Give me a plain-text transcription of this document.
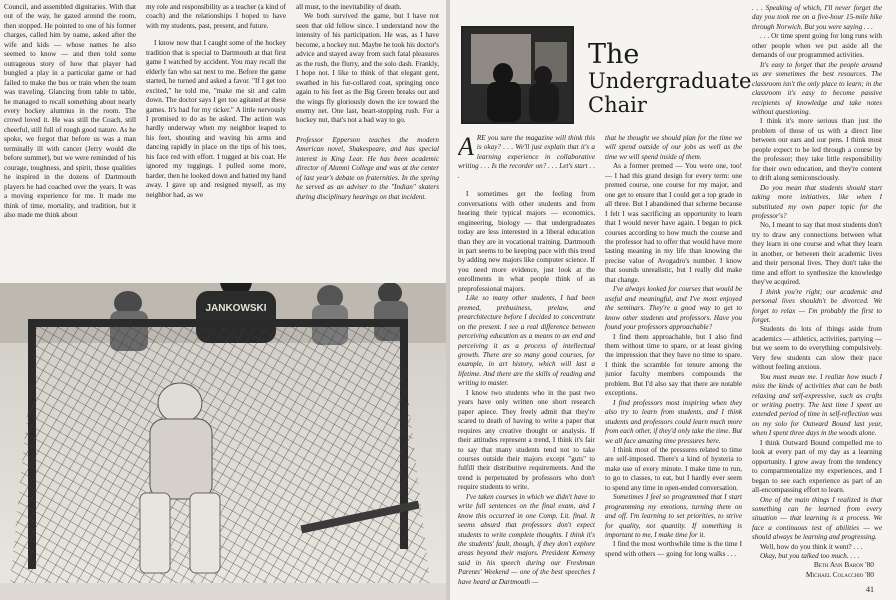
Council, and assembled dignitaries. With that out of the way, he gazed around the room, then stopped. He pointed to one of his former charges, called him by name, asked after the wife and kids — whose names he also seemed to know — and then told some outrageous story of how that player had bungled a play in a particular game or had failed to make the bus or train when the team was traveling. Glancing from table to table, he managed to recall something about nearly every hockey alumnus in the room. The crowd loved it. He was still the Coach, still cheerful, still full of rough good nature. As he spoke, we forgot that before us was a man terminally ill with cancer (Jerry would die before summer), but we were reminded of his courage, toughness, and spirit, those qualities he inspired in the dozens of Dartmouth players he had coached over the years. It was a moving experience for me. It made me think of time, mortality, and tradition, but it also made me think about

my role and responsibility as a teacher (a kind of coach) and the relationships I hoped to have with my students, past, present, and future.

I know now that I caught some of the hockey tradition that is special to Dartmouth at that first game I watched by accident. You may recall the elderly fan who sat next to me. Before the game started, he turned and asked a favor. "If I get too excited," he told me, "make me sit and calm down. The doctor says I get too agitated at these games. It's bad for my ticker." A little nervously I promised to do as he asked. The action was hardly underway when my neighbor leaped to his feet, shouting and waving his arms and dancing rapidly in place on the tips of his toes, his face red with effort. I tugged at his coat. He ignored my tuggings. I pulled some more, harder, then he looked down and batted my hand away. I gave up and resigned myself, as my neighbor had, as we

all must, to the inevitability of death.

We both survived the game, but I have not seen that old fellow since. I understand now the intensity of his participation. He was, as I have become, a hockey nut. Maybe he took his doctor's advice and stayed away from such fatal pleasures as the rush, the flurry, and the solo dash. Frankly, I hope not. I like to think of that elegant gent, swathed in his fur-collared coat, springing once again to his feet as the Big Green breaks out and the wings fly gloriously down the ice toward the enemy net. One last, heart-stopping rush. For a hockey nut, that's not a bad way to go.

Professor Epperson teaches the modern American novel, Shakespeare, and has special interest in King Lear. He has been academic director of Alumni College and was at the center of last year's debate on fraternities. In the spring he served as an adviser to the "Indian" skaters during disciplinary hearings on that incident.

JANKOWSKI
The
Undergraduate
Chair

ARE you sure the magazine will think this is okay? . . . We'll just explain that it's a learning experience in collaborative writing . . . Is the recorder on? . . . Let's start . . .

I sometimes get the feeling from conversations with other students and from hearing their typical majors — economics, engineering, biology — that undergraduates today are less interested in a liberal education than they are in vocational training. Dartmouth in part seems to be keeping pace with this trend by adding new majors like computer science. If you need more evidence, just look at the enrollments in what people think of as preprofessional majors.

Like so many other students, I had been premed, prebusiness, prelaw, and prearchitecture before I decided to concentrate on the present. I see a real difference between perceiving education as a means to an end and perceiving it as a process of intellectual growth. There are so many good courses, for example, in art history, which will last a lifetime. And there are the skills of reading and writing to master.

I know two students who in the past two years have only written one short research paper apiece. They freely admit that they're scared to death of having to write a paper that requires any creative thought or analysis. If their attitudes represent a trend, I think it's fair to say that many students tend not to take courses outside their majors except "guts" to fulfill their distributive requirements. And the trend is perpetuated by professors who don't require students to write.

I've taken courses in which we didn't have to write full sentences on the final exam, and I know this occurred in one Comp. Lit. final. It seems absurd that professors don't expect students to write complete thoughts. I think it's the students' fault, though, if they don't explore areas beyond their majors. President Kemeny said in his speech during our Freshman Parents' Weekend — one of the best speeches I have heard at Dartmouth —

that he thought we should plan for the time we will spend outside of our jobs as well as the time we will spend inside of them.

As a former premed — You were one, too! — I had this grand design for every term: one premed course, one course for my major, and one get to ensure that I could get a top grade in all three. But I abandoned that scheme because I felt I was sacrificing an opportunity to learn that I would never have again. I began to pick courses according to how much the course and the professor had to offer that would have more lasting meaning in my life than knowing the precise value of Avogadro's number. I know that sounds unrealistic, but I really did make that change.

I've always looked for courses that would be useful and meaningful, and I've most enjoyed the seminars. They're a good way to get to know other students and professors. Have you found your professors approachable?

I find them approachable, but I also find them without time to spare, or at least giving the impression that they have no time to spare. I think the scramble for tenure among the junior faculty members compounds the problem. But I'd also say that there are notable exceptions.

I find professors most inspiring when they also try to learn from students, and I think students and professors could learn much more from each other, if they'd only take the time. But we all face amazing time pressures here.

I think most of the pressures related to time are self-imposed. There's a kind of hysteria to make use of every minute. I make time to run, to go to classes, to eat, but I hardly ever seem to spend any time in open-ended conversation.

Sometimes I feel so programmed that I start programming my emotions, turning them on and off. I'm learning to set priorities, to strive for quality, not quantity. If something is important to me, I make time for it.

I find the most worthwhile time is the time I spend with others — going for long walks . . .

. . . Speaking of which, I'll never forget the day you took me on a five-hour 15-mile hike through Norwich. But you were saying . . .

. . . Or time spent going for long runs with other people when we put aside all the demands of our programmed activities.

It's easy to forget that the people around us are sometimes the best resources. The classroom isn't the only place to learn; in the classroom it's easy to become passive recipients of knowledge and take notes without questioning.

I think it's more serious than just the problem of those of us with a direct line between our ears and our pens. I think most people expect to be led through a course by the professor; they take little responsibility for their own education, and they're content to drift along semiconsciously.

Do you mean that students should start taking more initiatives, like when I substituted my own paper topic for the professor's?

No, I meant to say that most students don't try to draw any connections between what they learn in one course and what they learn in another, or between their academic lives and their personal lives. They don't take the time and effort to synthesize the knowledge they've acquired.

I think you're right; our academic and personal lives shouldn't be divorced. We forget to relax — I'm probably the first to forget.

Students do lots of things aside from academics — athletics, activities, partying — but we seem to do everything compulsively. Very few students can slow their pace without feeling anxious.

You must mean me. I realize how much I miss the kinds of activities that can be both relaxing and self-expressive, such as crafts or writing poetry. The last time I spent an extended period of time in self-reflection was on my solo for Outward Bound last year, when I spent three days in the woods alone.

I think Outward Bound compelled me to look at every part of my day as a learning opportunity. I grew away from the tendency to compartmentalize my experiences, and I began to see each experience as part of an all-encompassing effort to learn.

One of the main things I realized is that something can be learned from every situation — that learning is a process. We face a continuous test of abilities — we should always be learning and progressing.

Well, how do you think it went? . . .

Okay, but you talked too much. . . .

Beth Ann Baron '80
Michael Colacchio '80
41
